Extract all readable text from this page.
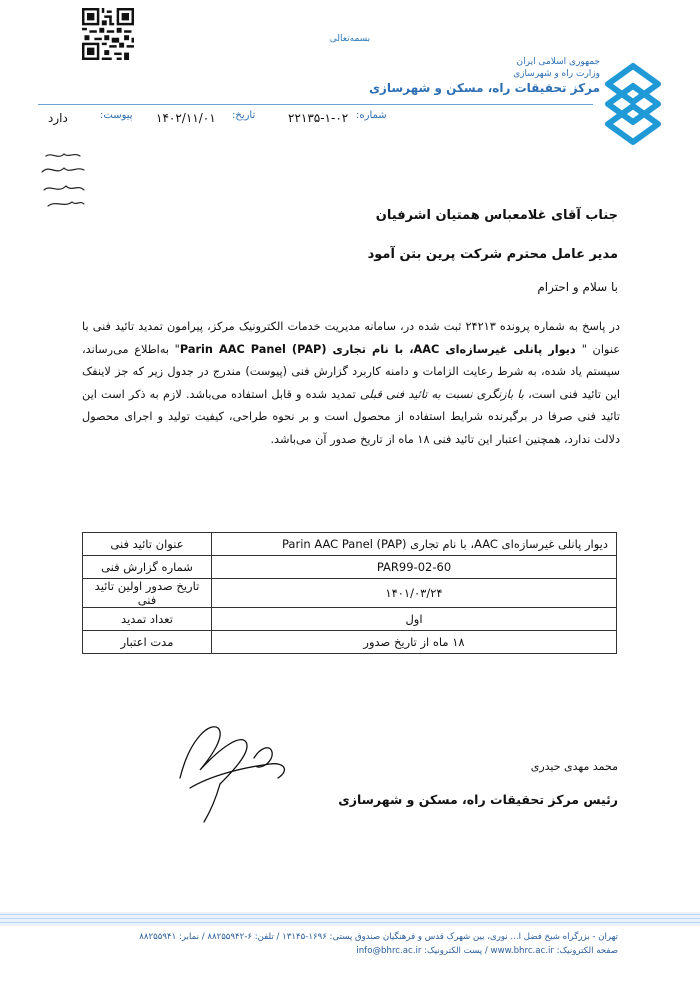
بسمه‌تعالی
جمهوری اسلامی ایران
وزارت راه و شهرسازی
مرکز تحقیقات راه، مسکن و شهرسازی
شماره:
۲۲۱۳۵-۱-۰۲
تاریخ:
۱۴۰۲/۱۱/۰۱
پیوست:
دارد
جناب آقای غلامعباس همتیان اشرفیان
مدیر عامل محترم شرکت پرین بتن آمود
با سلام و احترام
در پاسخ به شماره پرونده ۲۴۲۱۳ ثبت شده در، سامانه مدیریت خدمات الکترونیک مرکز، پیرامون تمدید تائید فنی با عنوان " دیوار پانلی غیرسازه‌ای AAC، با نام تجاری Parin AAC Panel (PAP)" به‌اطلاع می‌رساند، سیستم یاد شده، به شرط رعایت الزامات و دامنه کاربرد گزارش فنی (پیوست) مندرج در جدول زیر که جز لاینفک این تائید فنی است، با بازنگری نسبت به تائید فنی قبلی تمدید شده و قابل استفاده می‌باشد. لازم به ذکر است این تائید فنی صرفا در برگیرنده شرایط استفاده از محصول است و بر نحوه طراحی، کیفیت تولید و اجرای محصول دلالت ندارد، همچنین اعتبار این تائید فنی ۱۸ ماه از تاریخ صدور آن می‌باشد.
دیوار پانلی غیرسازه‌ای AAC، با نام تجاری Parin AAC Panel (PAP)	عنوان تائید فنی
02-60-PAR99	شماره گزارش فنی
۱۴۰۱/۰۳/۲۴	تاریخ صدور اولین تائید فنی
اول	تعداد تمدید
۱۸ ماه از تاریخ صدور	مدت اعتبار
محمد مهدی حیدری
رئیس مرکز تحقیقات راه، مسکن و شهرسازی
تهران - بزرگراه شیخ فضل ا... نوری، بین شهرک قدس و فرهنگیان صندوق پستی: ۱۶۹۶-۱۳۱۴۵ / تلفن: ۶-۸۸۲۵۵۹۴۲ / نمابر: ۸۸۲۵۵۹۴۱
صفحه الکترونیک: www.bhrc.ac.ir / پست الکترونیک: info@bhrc.ac.ir
